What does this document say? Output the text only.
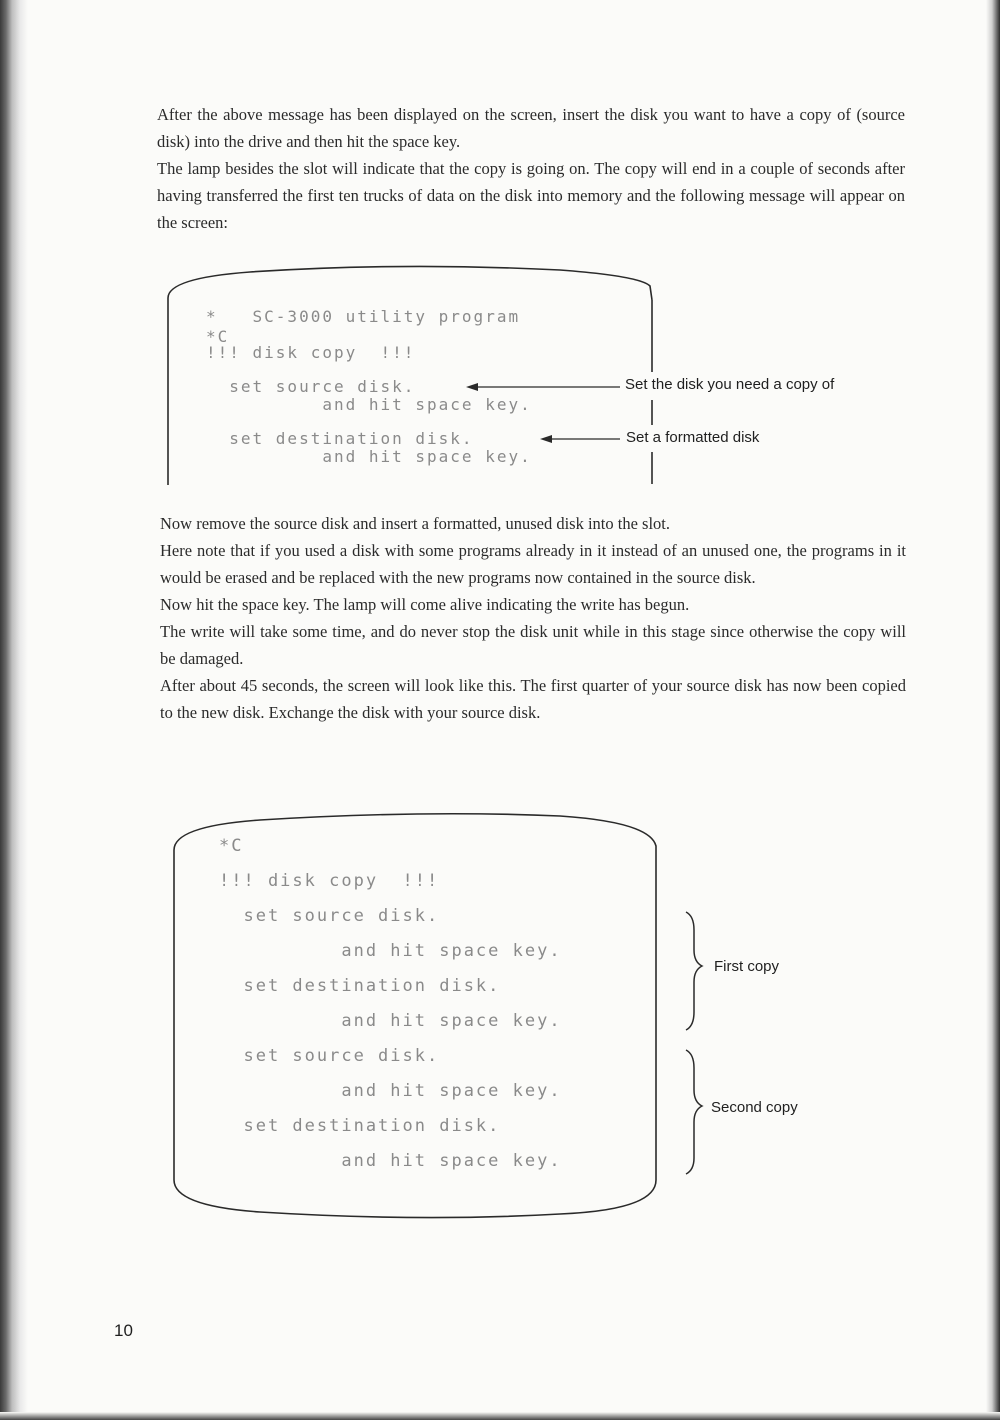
After the above message has been displayed on the screen, insert the disk you want to have a copy of (source disk) into the drive and then hit the space key.

The lamp besides the slot will indicate that the copy is going on. The copy will end in a couple of seconds after having transferred the first ten trucks of data on the disk into memory and the following message will appear on the screen:

*   SC-3000 utility program

*C

!!! disk copy  !!!

set source disk.

and hit space key.

set destination disk.

and hit space key.

Set the disk you need a copy of
Set a formatted disk

Now remove the source disk and insert a formatted, unused disk into the slot.

Here note that if you used a disk with some programs already in it instead of an unused one, the programs in it would be erased and be replaced with the new programs now contained in the source disk.

Now hit the space key. The lamp will come alive indicating the write has begun.

The write will take some time, and do never stop the disk unit while in this stage since otherwise the copy will be damaged.

After about 45 seconds, the screen will look like this. The first quarter of your source disk has now been copied to the new disk. Exchange the disk with your source disk.

*C

!!! disk copy  !!!

set source disk.

and hit space key.

set destination disk.

and hit space key.

set source disk.

and hit space key.

set destination disk.

and hit space key.

First copy
Second copy
10
